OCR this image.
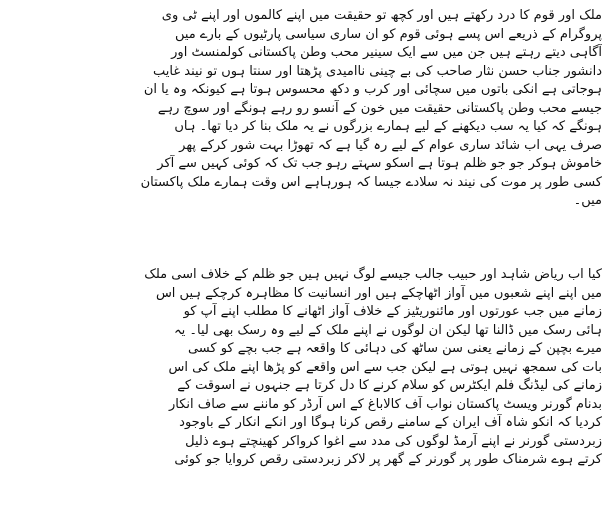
ملک اور قوم کا درد رکھتے ہیں اور کچھ تو حقیقت میں اپنے کالموں اور اپنے ٹی وی
پروگرام کے ذریعے اس پسے ہوئی قوم کو ان ساری سیاسی پارٹیوں کے بارے میں
آگاہی دیتے رہتے ہیں جن میں سے ایک سینیر محب وطن پاکستانی کولمنسٹ اور
دانشور جناب حسن نثار صاحب کی بے چینی ناامیدی پڑھتا اور سنتا ہوں تو نیند غایب
ہوجاتی ہے انکی باتوں میں سچائی اور کرب و دکھ محسوس ہوتا ہے کیونکہ وہ یا ان
جیسے محب وطن پاکستانی حقیقت میں خون کے آنسو رو رہے ہونگے اور سوچ رہے
ہونگے کہ کیا یہ سب دیکھنے کے لیے ہمارے بزرگوں نے یہ ملک بنا کر دیا تھا۔ ہاں
صرف یہی اب شائد ساری عوام کے لیے رہ گیا ہے کہ تھوڑا بہت شور کرکے پھر
خاموش ہوکر جو جو ظلم ہوتا ہے اسکو سہتے رہو جب تک کہ کوئی کہیں سے آکر
کسی طور پر موت کی نیند نہ سلادے جیسا کہ ہورہاہے اس وقت ہمارے ملک پاکستان
میں۔
کیا اب ریاض شاہد اور حبیب جالب جیسے لوگ نہیں ہیں جو ظلم کے خلاف اسی ملک
میں اپنے اپنے شعبوں میں آواز اٹھاچکے ہیں اور انسانیت کا مظاہرہ کرچکے ہیں اس
زمانے میں جب عورتوں اور مائنوریٹیز کے خلاف آواز اٹھانے کا مطلب اپنے آپ کو
ہائی رسک میں ڈالنا تھا لیکن ان لوگوں نے اپنے ملک کے لیے وہ رسک بھی لیا۔ یہ
میرے بچپن کے زمانے یعنی سن ساٹھ کی دہائی کا واقعہ ہے جب بچے کو کسی
بات کی سمجھ نہیں ہوتی ہے لیکن جب سے اس واقعے کو پڑھا اپنے ملک کی اس
زمانے کی لیڈنگ فلم ایکٹرس کو سلام کرنے کا دل کرتا ہے جنہوں نے اسوقت کے
بدنام گورنر ویسٹ پاکستان نواب آف کالاباغ کے اس آرڈر کو ماننے سے صاف انکار
کردیا کہ انکو شاہ آف ایران کے سامنے رقص کرنا ہوگا اور انکے انکار کے باوجود
زبردستی گورنر نے اپنے آرمڈ لوگوں کی مدد سے اغوا کرواکر کھینچتے ہوے ذلیل
کرتے ہوے شرمناک طور پر گورنر کے گھر پر لاکر زبردستی رقص کروایا جو کوئی
